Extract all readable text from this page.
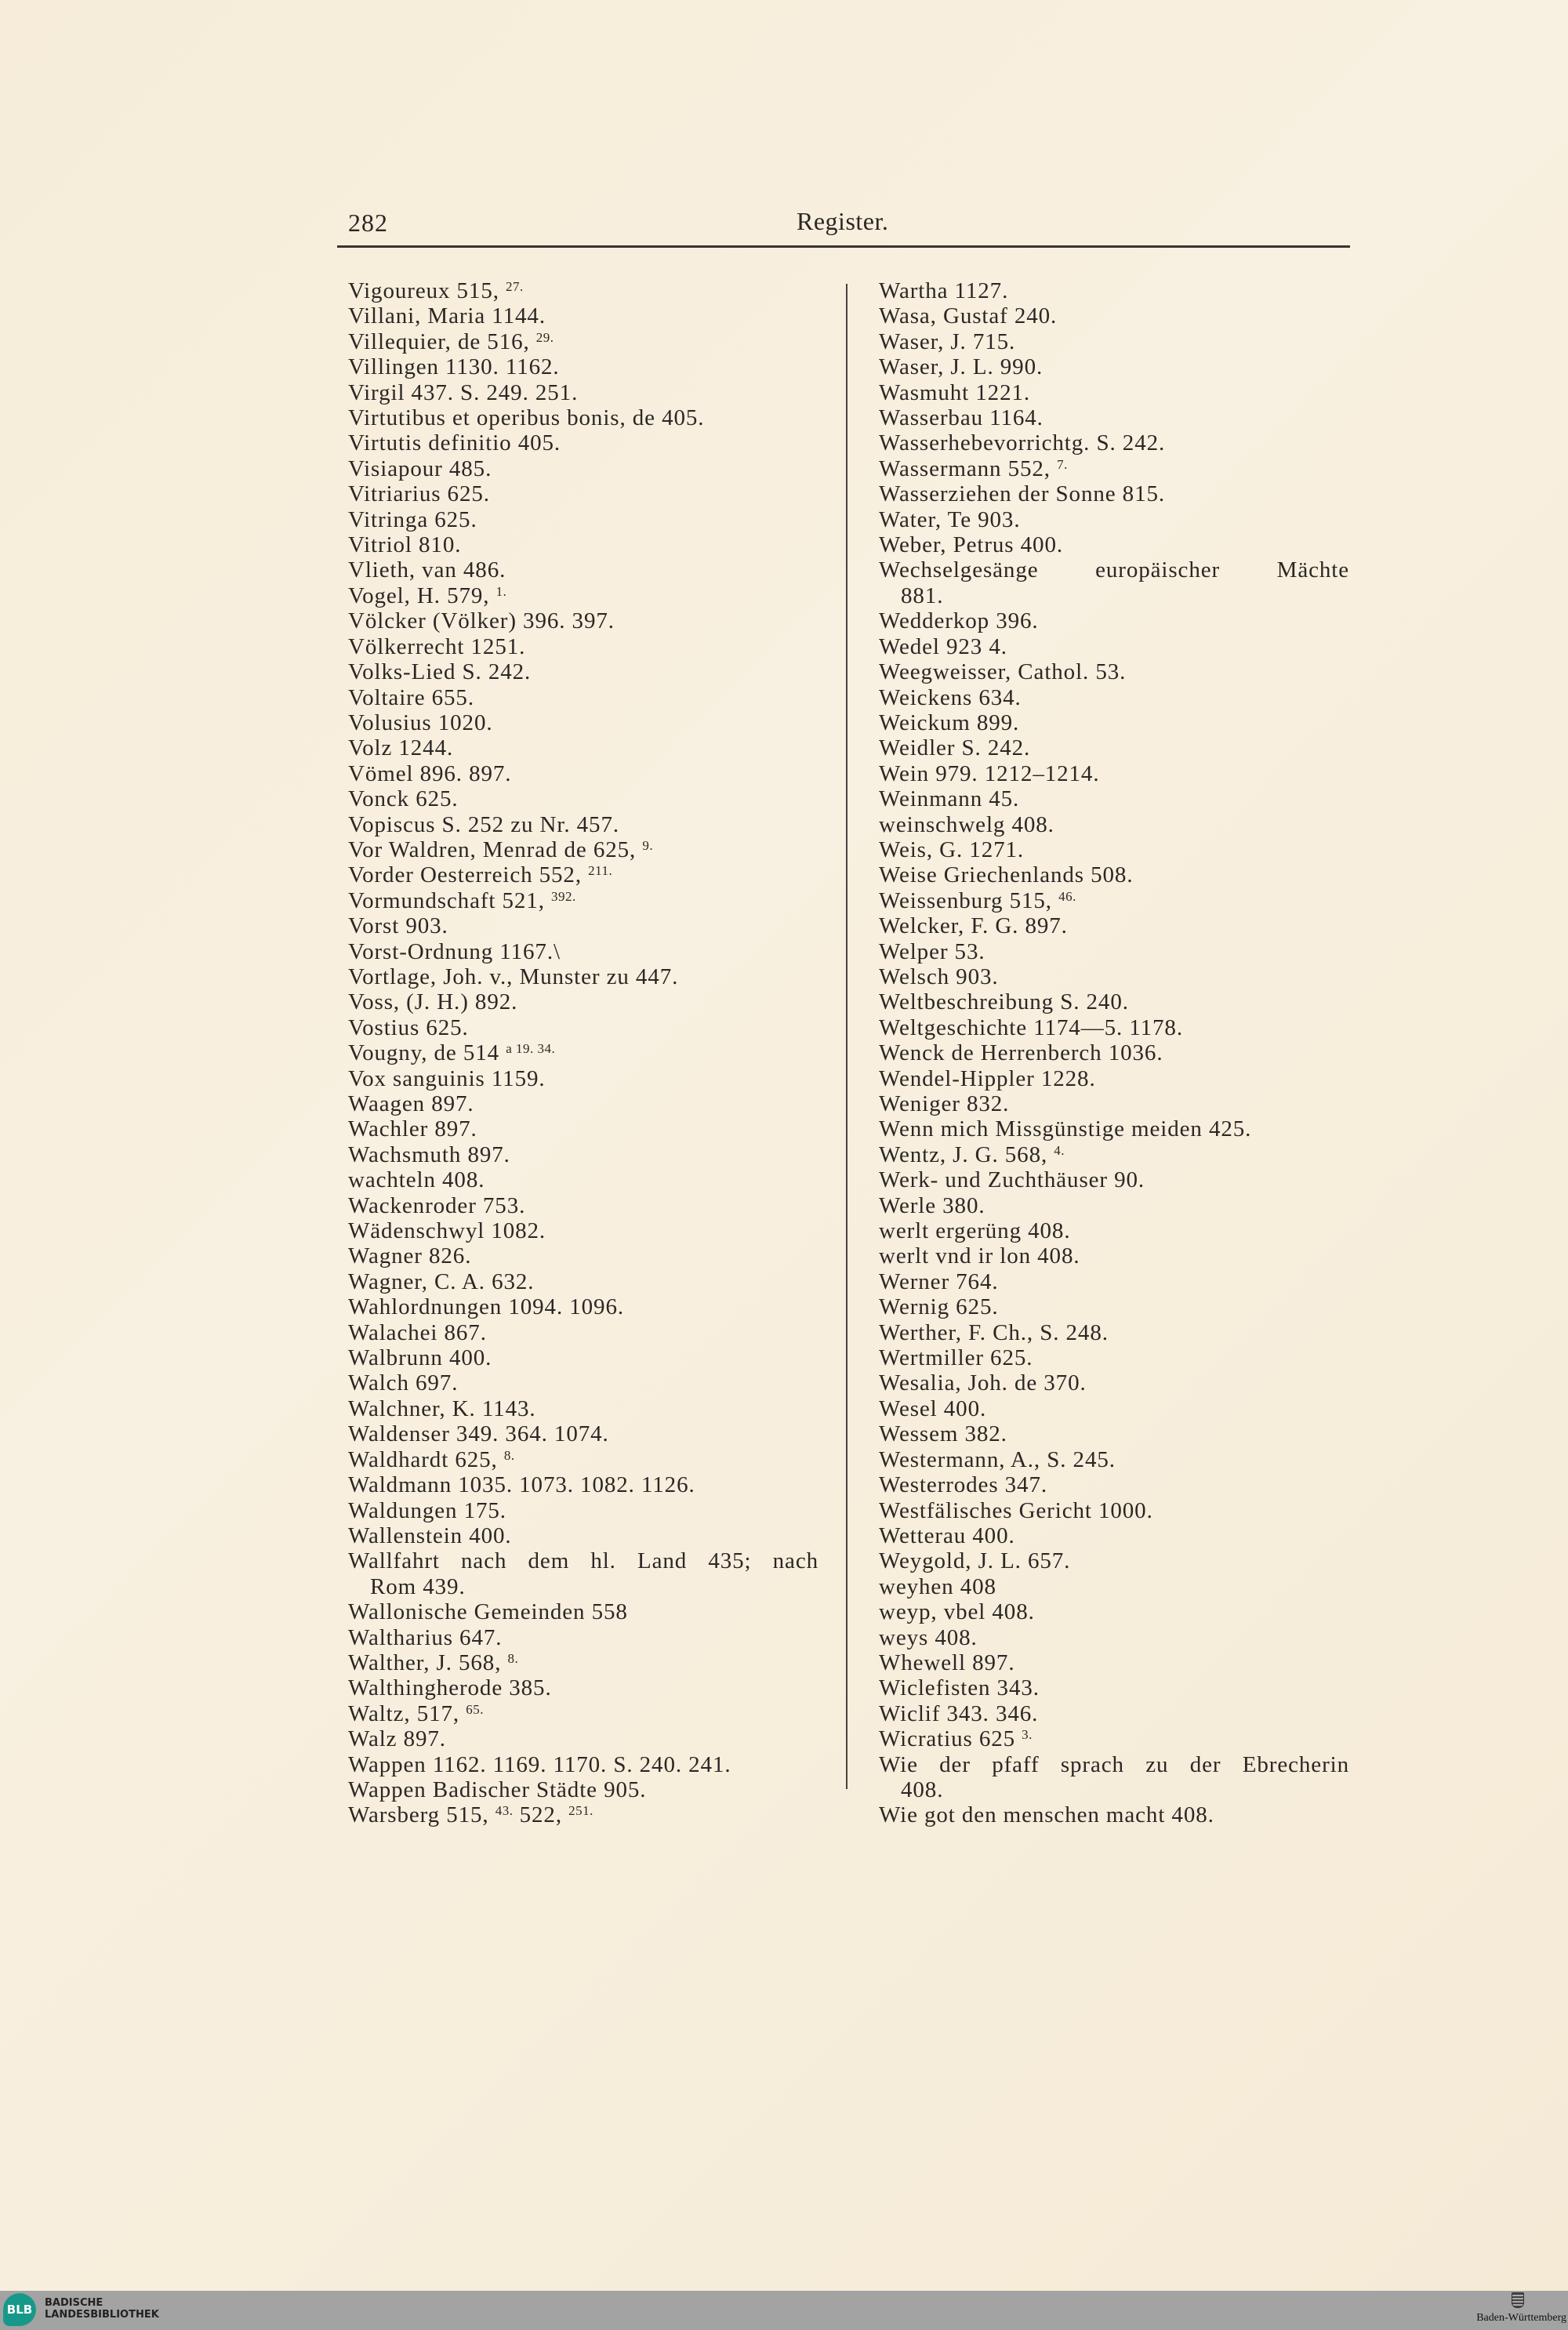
282	Register.
Vigoureux 515, $^{27.}$
Villani, Maria 1144.
Villequier, de 516, $^{29.}$
Villingen 1130. 1162.
Virgil 437. S. 249. 251.
Virtutibus et operibus bonis, de 405.
Virtutis definitio 405.
Visiapour 485.
Vitriarius 625.
Vitringa 625.
Vitriol 810.
Vlieth, van 486.
Vogel, H. 579, $^{1.}$
Völcker (Völker) 396. 397.
Völkerrecht 1251.
Volks-Lied S. 242.
Voltaire 655.
Volusius 1020.
Volz 1244.
Vömel 896. 897.
Vonck 625.
Vopiscus S. 252 zu Nr. 457.
Vor Waldren, Menrad de 625, $^{9.}$
Vorder Oesterreich 552, $^{211.}$
Vormundschaft 521, $^{392.}$
Vorst 903.
Vorst-Ordnung 1167.\
Vortlage, Joh. v., Munster zu 447.
Voss, (J. H.) 892.
Vostius 625.
Vougny, de 514 $^{a 19. 34.}$
Vox sanguinis 1159.
Waagen 897.
Wachler 897.
Wachsmuth 897.
wachteln 408.
Wackenroder 753.
Wädenschwyl 1082.
Wagner 826.
Wagner, C. A. 632.
Wahlordnungen 1094. 1096.
Walachei 867.
Walbrunn 400.
Walch 697.
Walchner, K. 1143.
Waldenser 349. 364. 1074.
Waldhardt 625, $^{8.}$
Waldmann 1035. 1073. 1082. 1126.
Waldungen 175.
Wallenstein 400.
Wallfahrt nach dem hl. Land 435; nach
Rom 439.
Wallonische Gemeinden 558
Waltharius 647.
Walther, J. 568, $^{8.}$
Walthingherode 385.
Waltz, 517, $^{65.}$
Walz 897.
Wappen 1162. 1169. 1170. S. 240. 241.
Wappen Badischer Städte 905.
Warsberg 515, $^{43.}$ 522, $^{251.}$
Wartha 1127.
Wasa, Gustaf 240.
Waser, J. 715.
Waser, J. L. 990.
Wasmuht 1221.
Wasserbau 1164.
Wasserhebevorrichtg. S. 242.
Wassermann 552, $^{7.}$
Wasserziehen der Sonne 815.
Water, Te 903.
Weber, Petrus 400.
Wechselgesänge europäischer Mächte
881.
Wedderkop 396.
Wedel 923 4.
Weegweisser, Cathol. 53.
Weickens 634.
Weickum 899.
Weidler S. 242.
Wein 979. 1212–1214.
Weinmann 45.
weinschwelg 408.
Weis, G. 1271.
Weise Griechenlands 508.
Weissenburg 515, $^{46.}$
Welcker, F. G. 897.
Welper 53.
Welsch 903.
Weltbeschreibung S. 240.
Weltgeschichte 1174—5. 1178.
Wenck de Herrenberch 1036.
Wendel-Hippler 1228.
Weniger 832.
Wenn mich Missgünstige meiden 425.
Wentz, J. G. 568, $^{4.}$
Werk- und Zuchthäuser 90.
Werle 380.
werlt ergerüng 408.
werlt vnd ir lon 408.
Werner 764.
Wernig 625.
Werther, F. Ch., S. 248.
Wertmiller 625.
Wesalia, Joh. de 370.
Wesel 400.
Wessem 382.
Westermann, A., S. 245.
Westerrodes 347.
Westfälisches Gericht 1000.
Wetterau 400.
Weygold, J. L. 657.
weyhen 408
weyp, vbel 408.
weys 408.
Whewell 897.
Wiclefisten 343.
Wiclif 343. 346.
Wicratius 625 $^{3.}$
Wie der pfaff sprach zu der Ebrecherin
408.
Wie got den menschen macht 408.
BLB	BADISCHE
LANDESBIBLIOTHEK	Baden-Württemberg
